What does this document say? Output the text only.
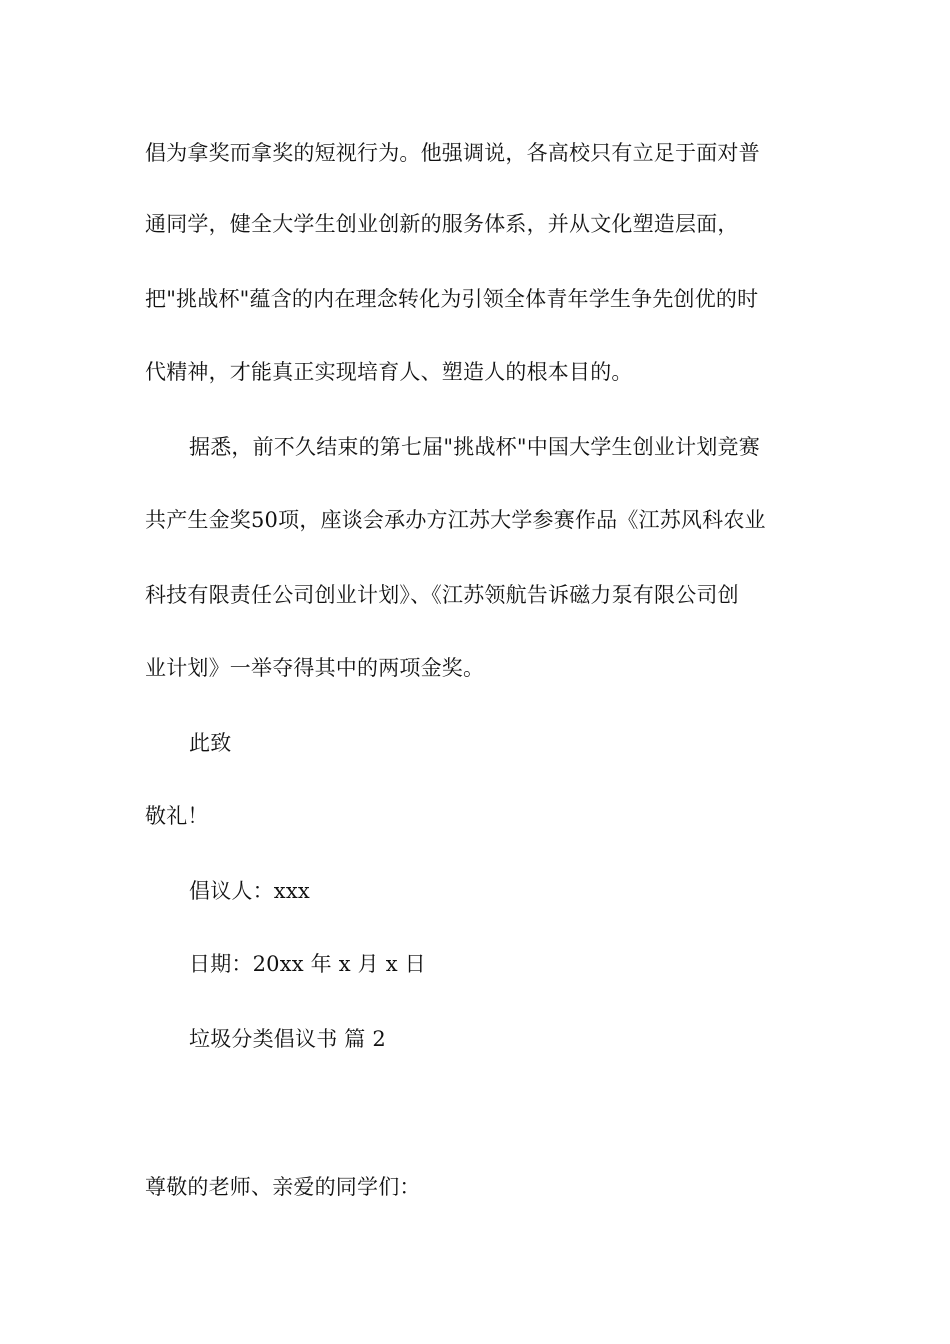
倡为拿奖而拿奖的短视行为。他强调说，各高校只有立足于面对普
通同学，健全大学生创业创新的服务体系，并从文化塑造层面，
把"挑战杯"蕴含的内在理念转化为引领全体青年学生争先创优的时
代精神，才能真正实现培育人、塑造人的根本目的。
据悉，前不久结束的第七届"挑战杯"中国大学生创业计划竞赛
共产生金奖50项，座谈会承办方江苏大学参赛作品《江苏风科农业
科技有限责任公司创业计划》、《江苏领航告诉磁力泵有限公司创
业计划》一举夺得其中的两项金奖。
此致
敬礼！
倡议人：xxx
日期：20xx 年 x 月 x 日
垃圾分类倡议书 篇 2
尊敬的老师、亲爱的同学们：
